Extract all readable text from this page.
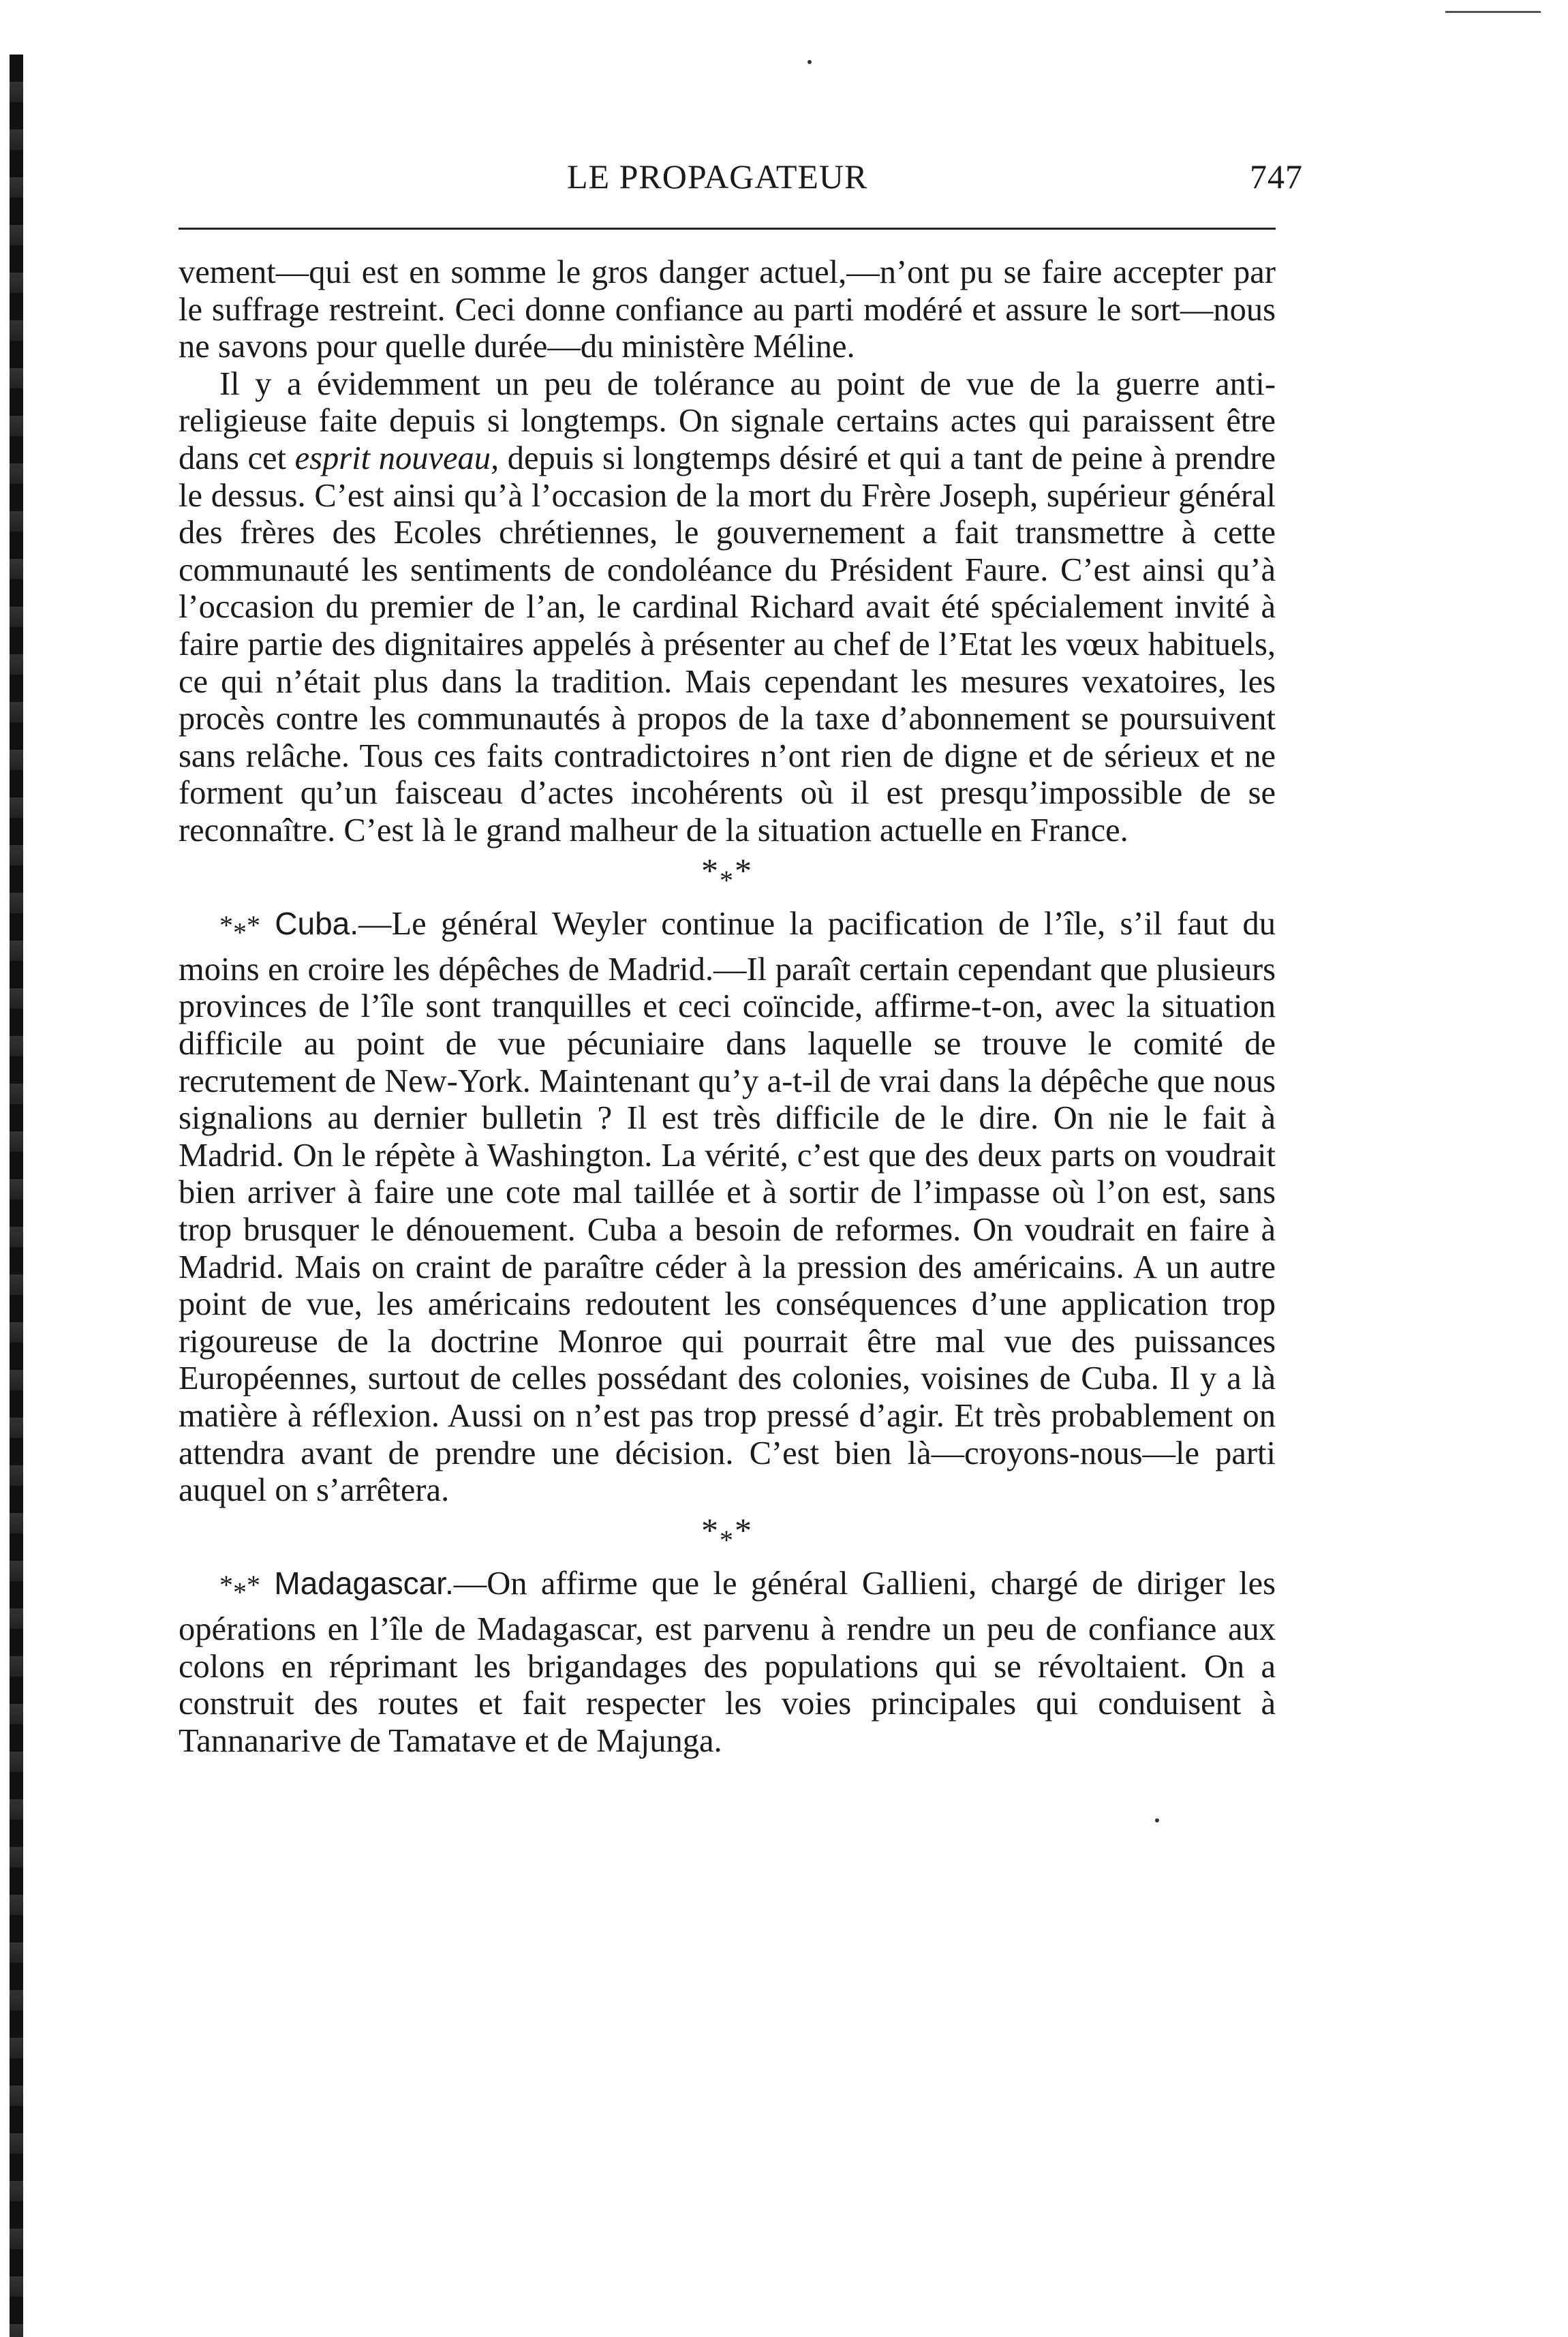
LE PROPAGATEUR	747

vement—qui est en somme le gros danger actuel,—n’ont pu se faire accepter par le suffrage restreint. Ceci donne confiance au parti modéré et assure le sort—nous ne savons pour quelle durée—du ministère Méline.

Il y a évidemment un peu de tolérance au point de vue de la guerre anti-religieuse faite depuis si longtemps. On signale certains actes qui paraissent être dans cet esprit nouveau, depuis si longtemps désiré et qui a tant de peine à prendre le dessus. C’est ainsi qu’à l’occasion de la mort du Frère Joseph, supérieur général des frères des Ecoles chrétiennes, le gouvernement a fait transmettre à cette communauté les sentiments de condoléance du Président Faure. C’est ainsi qu’à l’occasion du premier de l’an, le cardinal Richard avait été spécialement invité à faire partie des dignitaires appelés à présenter au chef de l’Etat les vœux habituels, ce qui n’était plus dans la tradition. Mais cependant les mesures vexatoires, les procès contre les communautés à propos de la taxe d’abonnement se poursuivent sans relâche. Tous ces faits contradictoires n’ont rien de digne et de sérieux et ne forment qu’un faisceau d’actes incohérents où il est presqu’impossible de se reconnaître. C’est là le grand malheur de la situation actuelle en France.

$*_**$

$*_**$ Cuba.—Le général Weyler continue la pacification de l’île, s’il faut du moins en croire les dépêches de Madrid.—Il paraît certain cependant que plusieurs provinces de l’île sont tranquilles et ceci coïncide, affirme-t-on, avec la situation difficile au point de vue pécuniaire dans laquelle se trouve le comité de recrutement de New-York. Maintenant qu’y a-t-il de vrai dans la dépêche que nous signalions au dernier bulletin ? Il est très difficile de le dire. On nie le fait à Madrid. On le répète à Washington. La vérité, c’est que des deux parts on voudrait bien arriver à faire une cote mal taillée et à sortir de l’impasse où l’on est, sans trop brusquer le dénouement. Cuba a besoin de reformes. On voudrait en faire à Madrid. Mais on craint de paraître céder à la pression des américains. A un autre point de vue, les américains redoutent les conséquences d’une application trop rigoureuse de la doctrine Monroe qui pourrait être mal vue des puissances Européennes, surtout de celles possédant des colonies, voisines de Cuba. Il y a là matière à réflexion. Aussi on n’est pas trop pressé d’agir. Et très probablement on attendra avant de prendre une décision. C’est bien là—croyons-nous—le parti auquel on s’arrêtera.

$*_**$

$*_**$ Madagascar.—On affirme que le général Gallieni, chargé de diriger les opérations en l’île de Madagascar, est parvenu à rendre un peu de confiance aux colons en réprimant les brigandages des populations qui se révoltaient. On a construit des routes et fait respecter les voies principales qui conduisent à Tannanarive de Tamatave et de Majunga.
